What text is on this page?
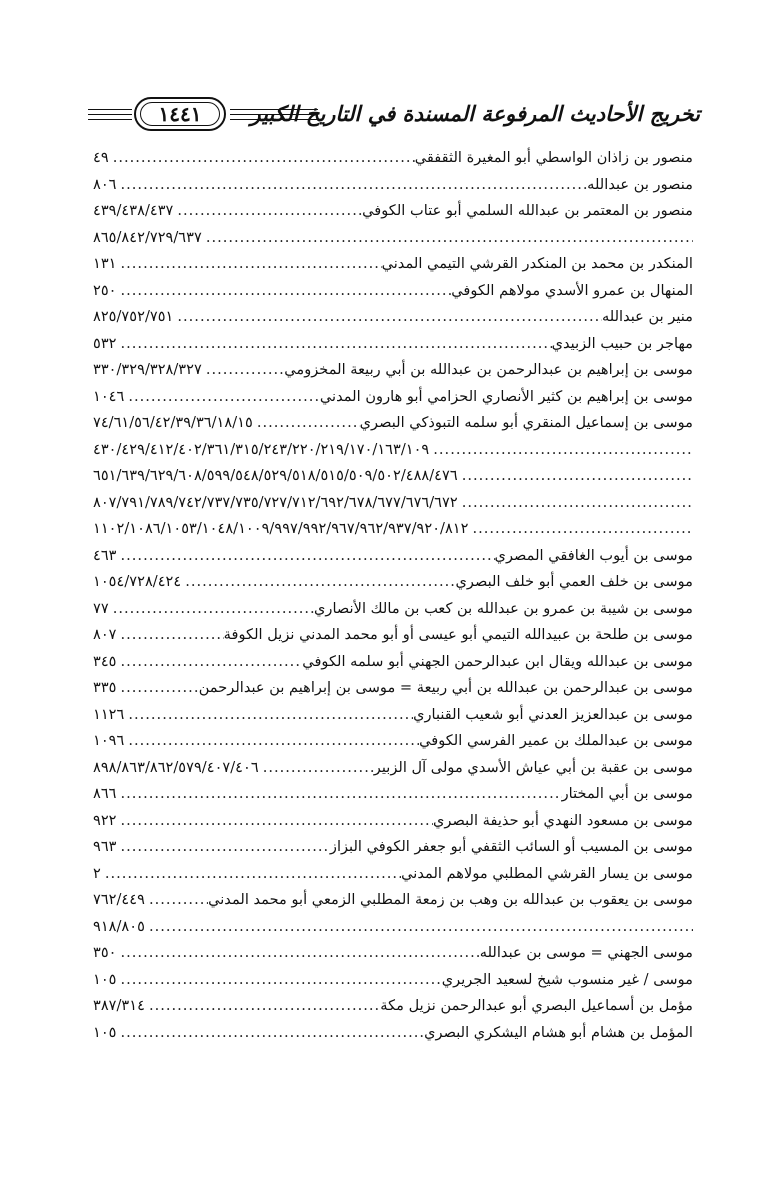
تخريج الأحاديث المرفوعة المسندة في التاريخ الكبير
١٤٤١
منصور بن زاذان الواسطي أبو المغيرة الثقفقي
.....
٤٩
منصور بن عبدالله
.....
٨٠٦
منصور بن المعتمر بن عبدالله السلمي أبو عتاب الكوفي
.....
٤٣٩/٤٣٨/٤٣٧
.....
٨٦٥/٨٤٢/٧٢٩/٦٣٧
المنكدر بن محمد بن المنكدر القرشي التيمي المدني
.....
١٣١
المنهال بن عمرو الأسدي مولاهم الكوفي
.....
٢٥٠
منير بن عبدالله
.....
٨٢٥/٧٥٢/٧٥١
مهاجر بن حبيب الزبيدي
.....
٥٣٢
موسى بن إبراهيم بن عبدالرحمن بن عبدالله بن أبي ربيعة المخزومي
.....
٣٣٠/٣٢٩/٣٢٨/٣٢٧
موسى بن إبراهيم بن كثير الأنصاري الحزامي أبو هارون المدني
.....
١٠٤٦
موسى بن إسماعيل المنقري أبو سلمه التبوذكي البصري
.....
٧٤/٦١/٥٦/٤٢/٣٩/٣٦/١٨/١٥
.....
٤٣٠/٤٢٩/٤١٢/٤٠٢/٣٦١/٣١٥/٢٤٣/٢٢٠/٢١٩/١٧٠/١٦٣/١٠٩
.....
٦٥١/٦٣٩/٦٢٩/٦٠٨/٥٩٩/٥٤٨/٥٢٩/٥١٨/٥١٥/٥٠٩/٥٠٢/٤٨٨/٤٧٦
.....
٨٠٧/٧٩١/٧٨٩/٧٤٢/٧٣٧/٧٣٥/٧٢٧/٧١٢/٦٩٢/٦٧٨/٦٧٧/٦٧٦/٦٧٢
.....
١١٠٢/١٠٨٦/١٠٥٣/١٠٤٨/١٠٠٩/٩٩٧/٩٩٢/٩٦٧/٩٦٢/٩٣٧/٩٢٠/٨١٢
موسى بن أيوب الغافقي المصري
.....
٤٦٣
موسى بن خلف العمي أبو خلف البصري
.....
١٠٥٤/٧٢٨/٤٢٤
موسى بن شيبة بن عمرو بن عبدالله بن كعب بن مالك الأنصاري
.....
٧٧
موسى بن طلحة بن عبيدالله التيمي أبو عيسى أو أبو محمد المدني نزيل الكوفة
.....
٨٠٧
موسى بن عبدالله ويقال ابن عبدالرحمن الجهني أبو سلمه الكوفي
.....
٣٤٥
موسى بن عبدالرحمن بن عبدالله بن أبي ربيعة = موسى بن إبراهيم بن عبدالرحمن
.....
٣٣٥
موسى بن عبدالعزيز العدني أبو شعيب القنباري
.....
١١٢٦
موسى بن عبدالملك بن عمير الفرسي الكوفي
.....
١٠٩٦
موسى بن عقبة بن أبي عياش الأسدي مولى آل الزبير
.....
٨٩٨/٨٦٣/٨٦٢/٥٧٩/٤٠٧/٤٠٦
موسى بن أبي المختار
.....
٨٦٦
موسى بن مسعود النهدي أبو حذيفة البصري
.....
٩٢٢
موسى بن المسيب أو السائب الثقفي أبو جعفر الكوفي البزاز
.....
٩٦٣
موسى بن يسار القرشي المطلبي مولاهم المدني
.....
٢
موسى بن يعقوب بن عبدالله بن وهب بن زمعة المطلبي الزمعي أبو محمد المدني
.....
٧٦٢/٤٤٩
.....
٩١٨/٨٠٥
موسى الجهني = موسى بن عبدالله
.....
٣٥٠
موسى / غير منسوب شيخ لسعيد الجريري
.....
١٠٥
مؤمل بن أسماعيل البصري أبو عبدالرحمن نزيل مكة
.....
٣٨٧/٣١٤
المؤمل بن هشام أبو هشام اليشكري البصري
.....
١٠٥
